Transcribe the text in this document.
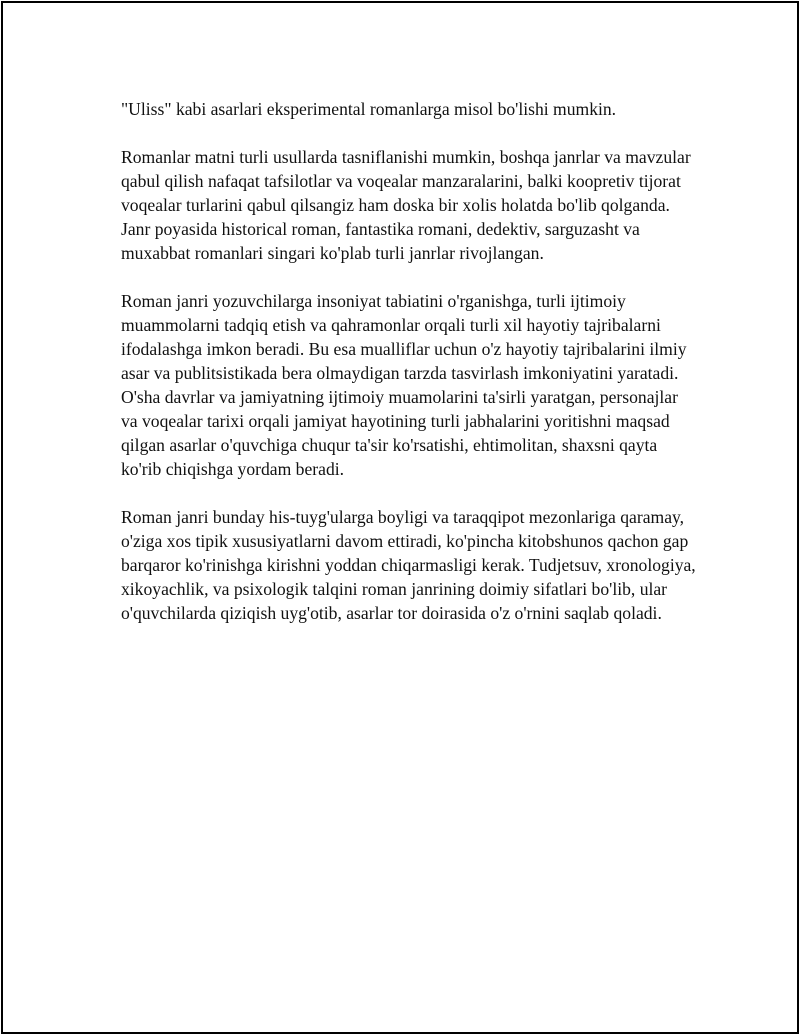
"Uliss" kabi asarlari eksperimental romanlarga misol bo'lishi mumkin.

Romanlar matni turli usullarda tasniflanishi mumkin, boshqa janrlar va mavzular qabul qilish nafaqat tafsilotlar va voqealar manzaralarini, balki koopretiv tijorat voqealar turlarini qabul qilsangiz ham doska bir xolis holatda bo'lib qolganda. Janr poyasida historical roman, fantastika romani, dedektiv, sarguzasht va muxabbat romanlari singari ko'plab turli janrlar rivojlangan.

Roman janri yozuvchilarga insoniyat tabiatini o'rganishga, turli ijtimoiy muammolarni tadqiq etish va qahramonlar orqali turli xil hayotiy tajribalarni ifodalashga imkon beradi. Bu esa mualliflar uchun o'z hayotiy tajribalarini ilmiy asar va publitsistikada bera olmaydigan tarzda tasvirlash imkoniyatini yaratadi. O'sha davrlar va jamiyatning ijtimoiy muamolarini ta'sirli yaratgan, personajlar va voqealar tarixi orqali jamiyat hayotining turli jabhalarini yoritishni maqsad qilgan asarlar o'quvchiga chuqur ta'sir ko'rsatishi, ehtimolitan, shaxsni qayta ko'rib chiqishga yordam beradi.

Roman janri bunday his-tuyg'ularga boyligi va taraqqipot mezonlariga qaramay, o'ziga xos tipik xususiyatlarni davom ettiradi, ko'pincha kitobshunos qachon gap barqaror ko'rinishga kirishni yoddan chiqarmasligi kerak. Tudjetsuv, xronologiya, xikoyachlik, va psixologik talqini roman janrining doimiy sifatlari bo'lib, ular o'quvchilarda qiziqish uyg'otib, asarlar tor doirasida o'z o'rnini saqlab qoladi.
